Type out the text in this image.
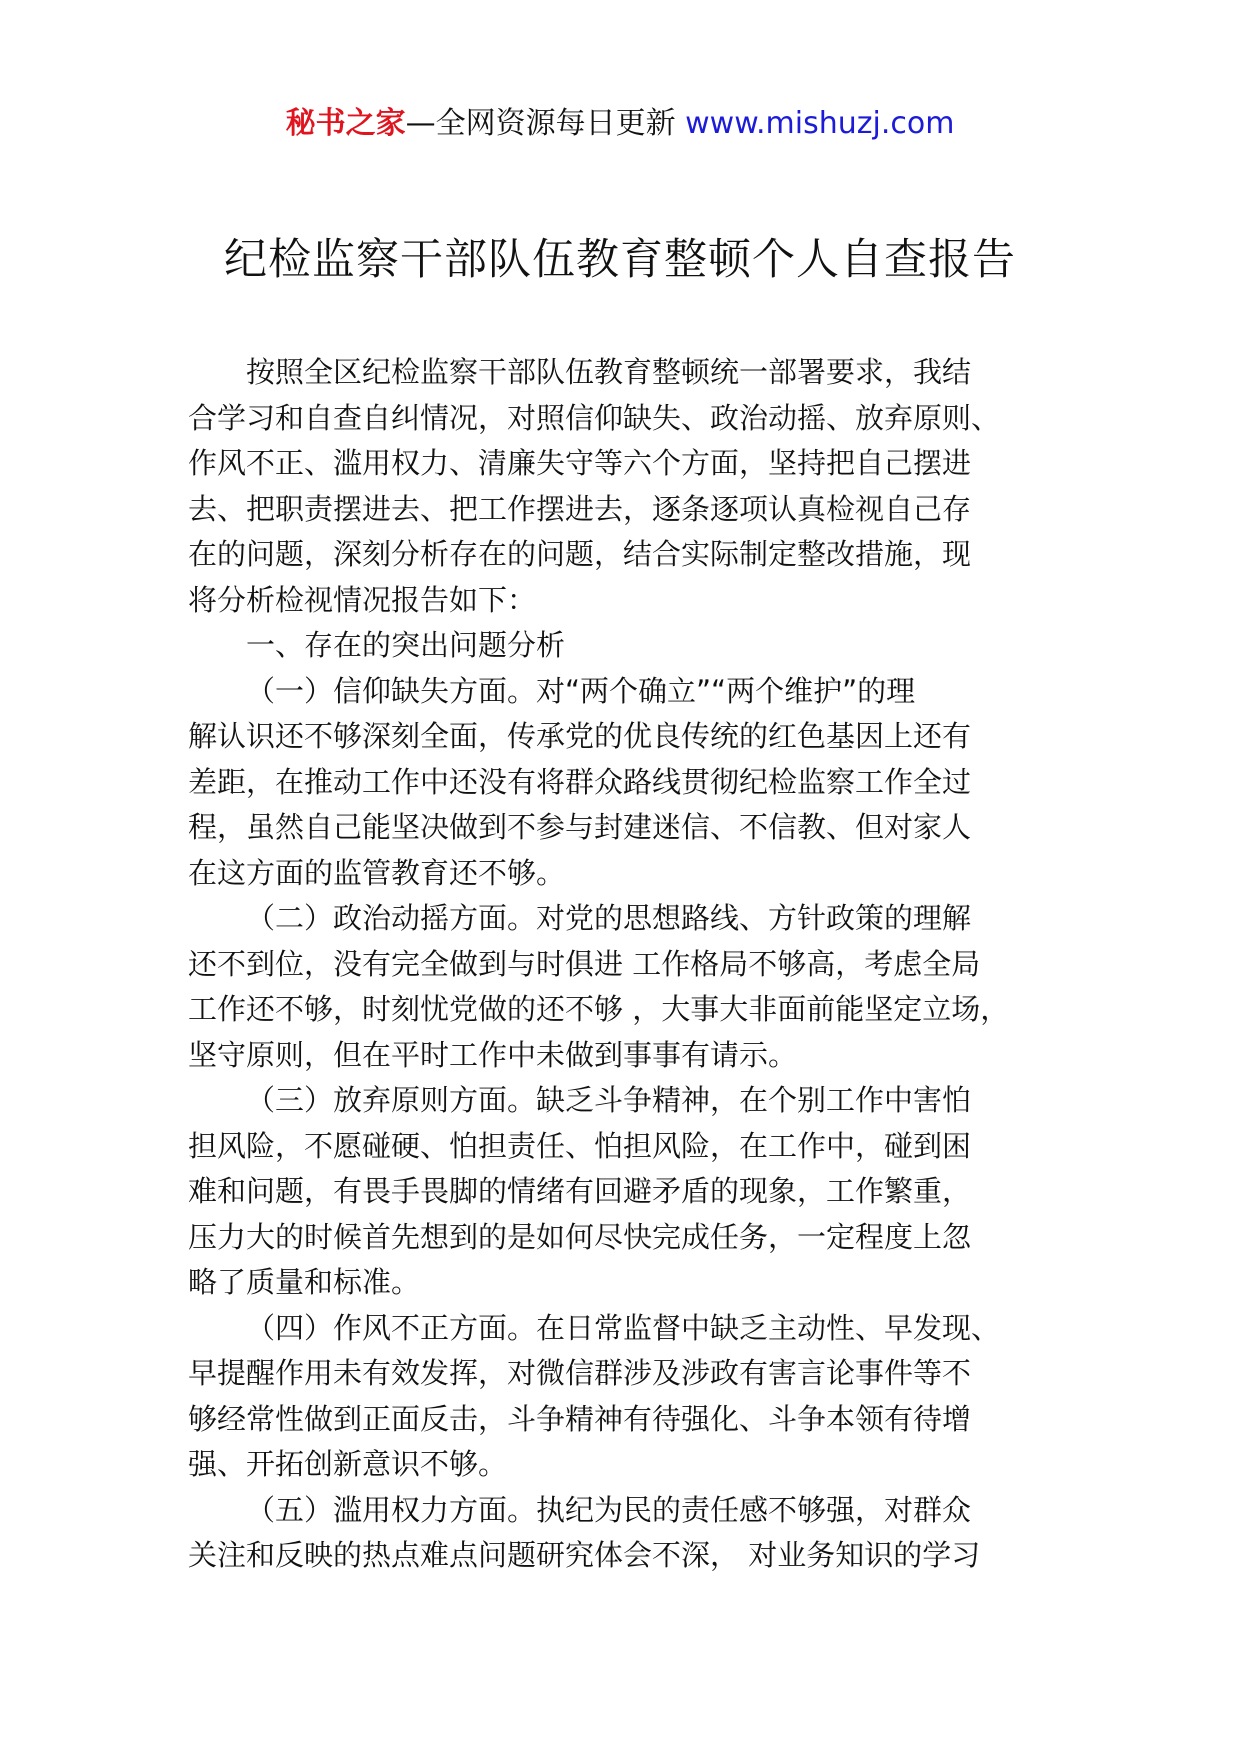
秘书之家—全网资源每日更新 www.mishuzj.com
纪检监察干部队伍教育整顿个人自查报告
按照全区纪检监察干部队伍教育整顿统一部署要求，我结
合学习和自查自纠情况，对照信仰缺失、政治动摇、放弃原则、
作风不正、滥用权力、清廉失守等六个方面，坚持把自己摆进
去、把职责摆进去、把工作摆进去，逐条逐项认真检视自己存
在的问题，深刻分析存在的问题，结合实际制定整改措施，现
将分析检视情况报告如下：
一、存在的突出问题分析
（一）信仰缺失方面。对“两个确立”“两个维护”的理
解认识还不够深刻全面，传承党的优良传统的红色基因上还有
差距，在推动工作中还没有将群众路线贯彻纪检监察工作全过
程，虽然自己能坚决做到不参与封建迷信、不信教、但对家人
在这方面的监管教育还不够。
（二）政治动摇方面。对党的思想路线、方针政策的理解
还不到位，没有完全做到与时俱进 工作格局不够高，考虑全局
工作还不够，时刻忧党做的还不够 ，大事大非面前能坚定立场，
坚守原则，但在平时工作中未做到事事有请示。
（三）放弃原则方面。缺乏斗争精神，在个别工作中害怕
担风险，不愿碰硬、怕担责任、怕担风险，在工作中，碰到困
难和问题，有畏手畏脚的情绪有回避矛盾的现象，工作繁重，
压力大的时候首先想到的是如何尽快完成任务，一定程度上忽
略了质量和标准。
（四）作风不正方面。在日常监督中缺乏主动性、早发现、
早提醒作用未有效发挥，对微信群涉及涉政有害言论事件等不
够经常性做到正面反击，斗争精神有待强化、斗争本领有待增
强、开拓创新意识不够。
（五）滥用权力方面。执纪为民的责任感不够强，对群众
关注和反映的热点难点问题研究体会不深， 对业务知识的学习
